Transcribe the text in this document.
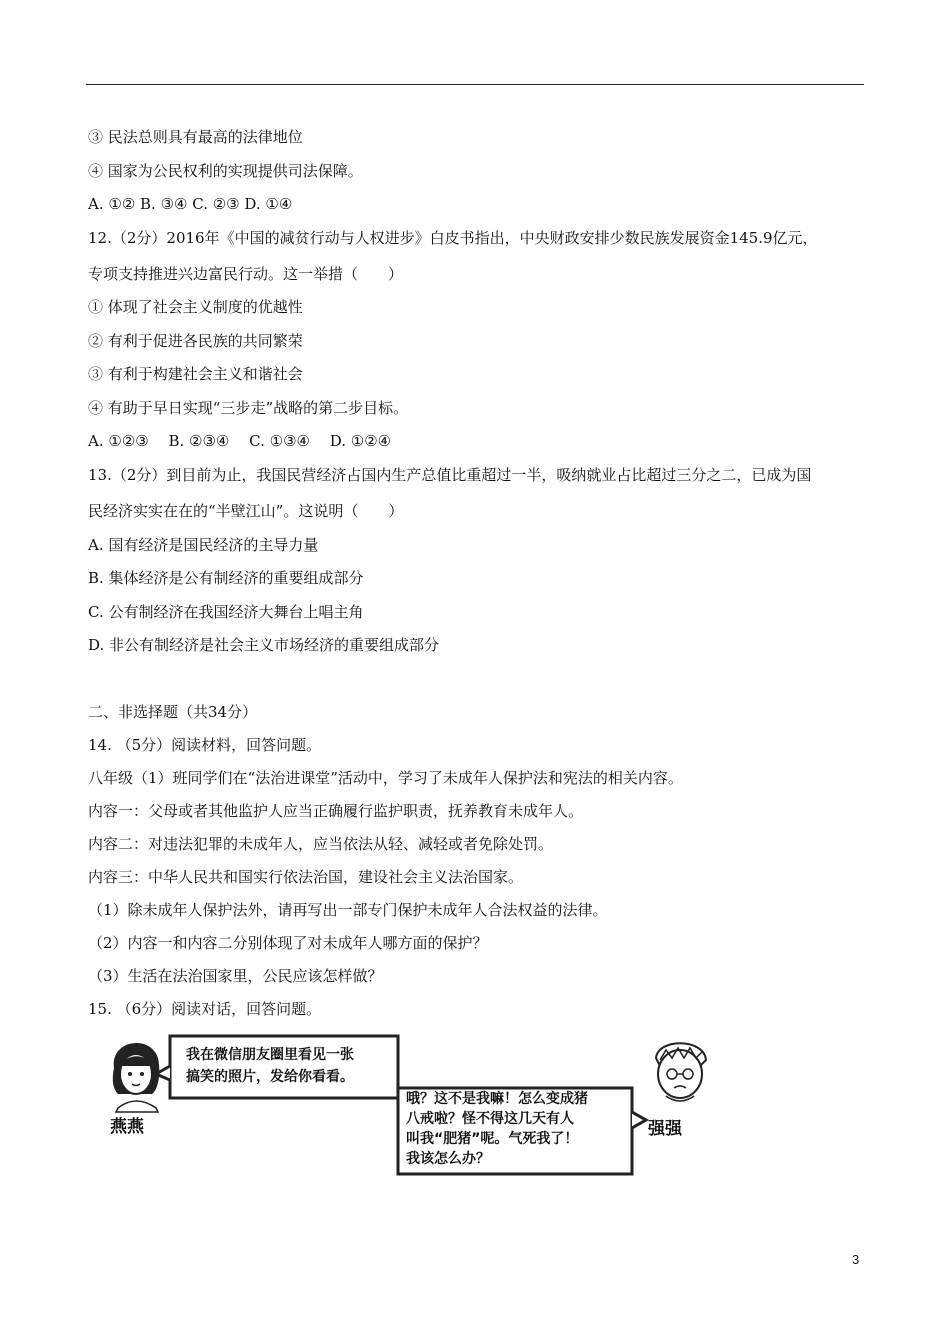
③ 民法总则具有最高的法律地位
④ 国家为公民权利的实现提供司法保障。
A. ①② B. ③④ C. ②③ D. ①④
12.（2分）2016年《中国的减贫行动与人权进步》白皮书指出，中央财政安排少数民族发展资金145.9亿元，
专项支持推进兴边富民行动。这一举措（　　）
① 体现了社会主义制度的优越性
② 有利于促进各民族的共同繁荣
③ 有利于构建社会主义和谐社会
④ 有助于早日实现“三步走”战略的第二步目标。
A. ①②③　 B. ②③④　 C. ①③④　 D. ①②④
13.（2分）到目前为止，我国民营经济占国内生产总值比重超过一半，吸纳就业占比超过三分之二，已成为国
民经济实实在在的“半壁江山”。这说明（　　）
A. 国有经济是国民经济的主导力量
B. 集体经济是公有制经济的重要组成部分
C. 公有制经济在我国经济大舞台上唱主角
D. 非公有制经济是社会主义市场经济的重要组成部分
二、非选择题（共34分）
14. （5分）阅读材料，回答问题。
八年级（1）班同学们在“法治进课堂”活动中，学习了未成年人保护法和宪法的相关内容。
内容一：父母或者其他监护人应当正确履行监护职责，抚养教育未成年人。
内容二：对违法犯罪的未成年人，应当依法从轻、减轻或者免除处罚。
内容三：中华人民共和国实行依法治国，建设社会主义法治国家。
（1）除未成年人保护法外，请再写出一部专门保护未成年人合法权益的法律。
（2）内容一和内容二分别体现了对未成年人哪方面的保护？
（3）生活在法治国家里，公民应该怎样做？
15. （6分）阅读对话，回答问题。
我在微信朋友圈里看见一张
搞笑的照片，发给你看看。
哦？这不是我嘛！怎么变成猪
八戒啦？怪不得这几天有人
叫我“肥猪”呢。气死我了！
我该怎么办？
燕燕	强强
3
